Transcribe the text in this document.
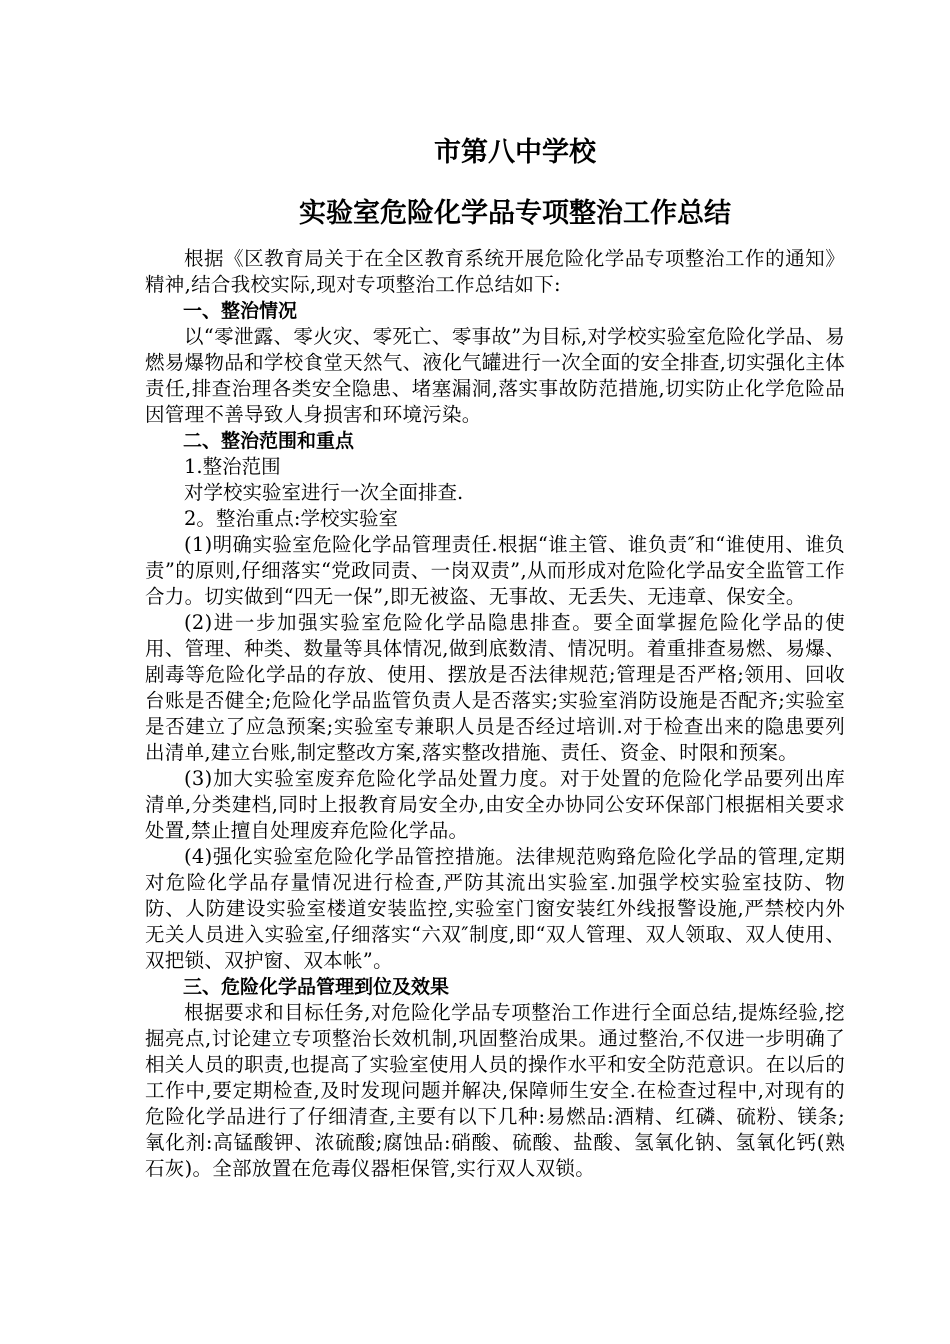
市第八中学校
实验室危险化学品专项整治工作总结

根据《区教育局关于在全区教育系统开展危险化学品专项整治工作的通知》精神,结合我校实际,现对专项整治工作总结如下:

一、整治情况

以“零泄露、零火灾、零死亡、零事故”为目标,对学校实验室危险化学品、易燃易爆物品和学校食堂天然气、液化气罐进行一次全面的安全排查,切实强化主体责任,排查治理各类安全隐患、堵塞漏洞,落实事故防范措施,切实防止化学危险品因管理不善导致人身损害和环境污染。

二、整治范围和重点

1.整治范围

对学校实验室进行一次全面排查.

2。整治重点:学校实验室

(1)明确实验室危险化学品管理责任.根据“谁主管、谁负责″和“谁使用、谁负责”的原则,仔细落实“党政同责、一岗双责”,从而形成对危险化学品安全监管工作合力。切实做到“四无一保”,即无被盗、无事故、无丢失、无违章、保安全。

(2)进一步加强实验室危险化学品隐患排查。要全面掌握危险化学品的使用、管理、种类、数量等具体情况,做到底数清、情况明。着重排查易燃、易爆、剧毒等危险化学品的存放、使用、摆放是否法律规范;管理是否严格;领用、回收台账是否健全;危险化学品监管负责人是否落实;实验室消防设施是否配齐;实验室是否建立了应急预案;实验室专兼职人员是否经过培训.对于检查出来的隐患要列出清单,建立台账,制定整改方案,落实整改措施、责任、资金、时限和预案。

(3)加大实验室废弃危险化学品处置力度。对于处置的危险化学品要列出库清单,分类建档,同时上报教育局安全办,由安全办协同公安环保部门根据相关要求处置,禁止擅自处理废弃危险化学品。

(4)强化实验室危险化学品管控措施。法律规范购臵危险化学品的管理,定期对危险化学品存量情况进行检查,严防其流出实验室.加强学校实验室技防、物防、人防建设实验室楼道安装监控,实验室门窗安装红外线报警设施,严禁校内外无关人员进入实验室,仔细落实“六双″制度,即“双人管理、双人领取、双人使用、双把锁、双护窗、双本帐”。

三、危险化学品管理到位及效果

根据要求和目标任务,对危险化学品专项整治工作进行全面总结,提炼经验,挖掘亮点,讨论建立专项整治长效机制,巩固整治成果。通过整治,不仅进一步明确了相关人员的职责,也提高了实验室使用人员的操作水平和安全防范意识。在以后的工作中,要定期检查,及时发现问题并解决,保障师生安全.在检查过程中,对现有的危险化学品进行了仔细清查,主要有以下几种:易燃品:酒精、红磷、硫粉、镁条;氧化剂:高锰酸钾、浓硫酸;腐蚀品:硝酸、硫酸、盐酸、氢氧化钠、氢氧化钙(熟石灰)。全部放置在危毒仪器柜保管,实行双人双锁。
